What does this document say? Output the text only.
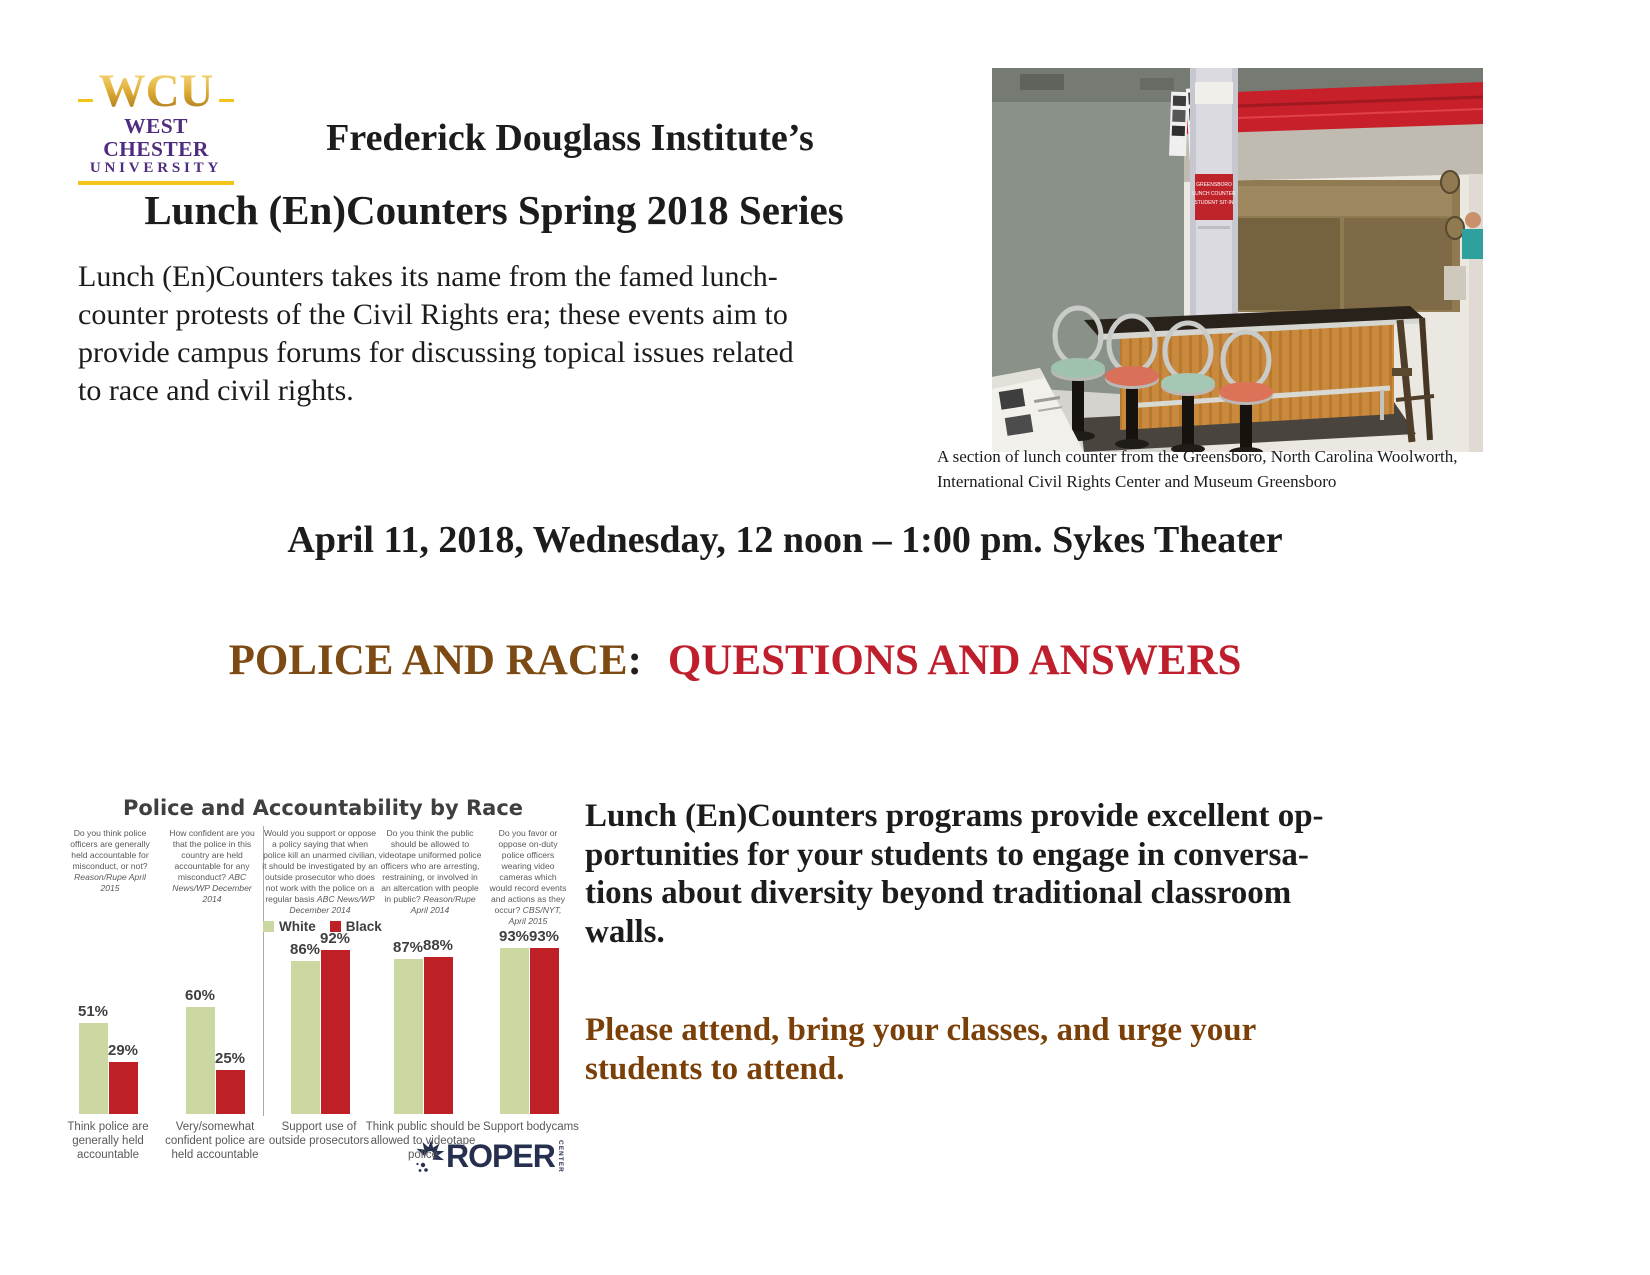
WCU
WEST CHESTER
UNIVERSITY
Frederick Douglass Institute’s
Lunch (En)Counters Spring 2018 Series
Lunch (En)Counters takes its name from the famed lunch-
counter protests of the Civil Rights era; these events aim to
provide campus forums for discussing topical issues related
to race and civil rights.
GREENSBORO
LUNCH COUNTER
STUDENT SIT-IN
A section of lunch counter from the Greensboro, North Carolina Woolworth,
International Civil Rights Center and Museum Greensboro
April 11, 2018, Wednesday, 12 noon – 1:00 pm. Sykes Theater
POLICE AND RACE: QUESTIONS AND ANSWERS
Police and Accountability by Race
White Black
ROPER CENTER
Do you think police officers are generally held accountable for misconduct, or not? Reason/Rupe April 2015
Think police are generally held accountable
51%
29%
How confident are you that the police in this country are held accountable for any misconduct? ABC News/WP December 2014
Very/somewhat confident police are held accountable
60%
25%
Would you support or oppose a policy saying that when police kill an unarmed civilian, it should be investigated by an outside prosecutor who does not work with the police on a regular basis ABC News/WP December 2014
Support use of outside prosecutors
86%
92%
Do you think the public should be allowed to videotape uniformed police officers who are arresting, restraining, or involved in an altercation with people in public? Reason/Rupe April 2014
Think public should be allowed to videotape police
87% 88%
Do you favor or oppose on-duty police officers wearing video cameras which would record events and actions as they occur? CBS/NYT, April 2015
Support bodycams
93% 93%
Lunch (En)Counters programs provide excellent op-
portunities for your students to engage in conversa-
tions about diversity beyond traditional classroom
walls.
Please attend, bring your classes, and urge your
students to attend.
